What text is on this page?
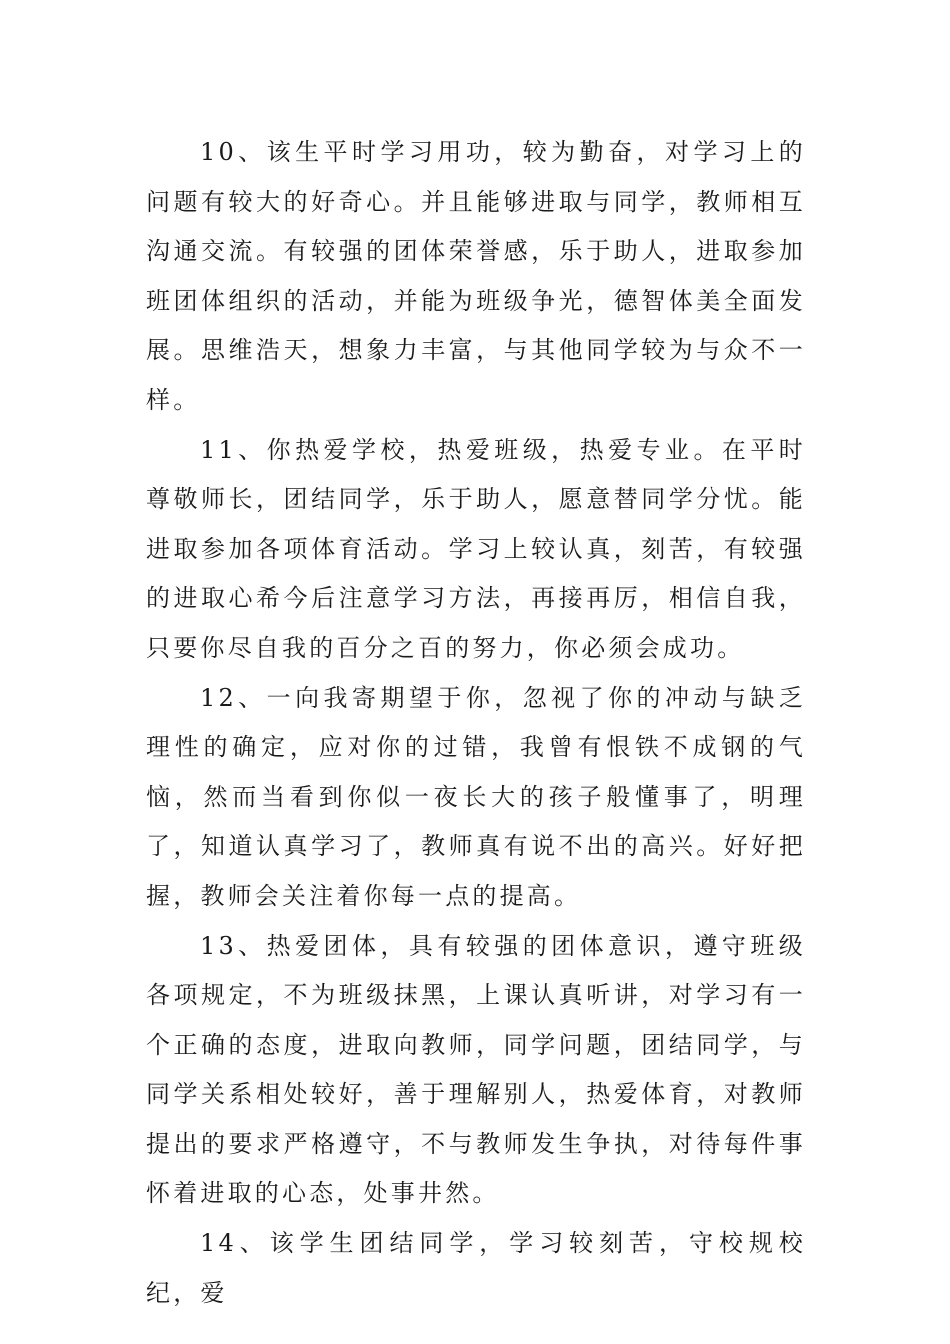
10、该生平时学习用功，较为勤奋，对学习上的问题有较大的好奇心。并且能够进取与同学，教师相互沟通交流。有较强的团体荣誉感，乐于助人，进取参加班团体组织的活动，并能为班级争光，德智体美全面发展。思维浩天，想象力丰富，与其他同学较为与众不一样。

11、你热爱学校，热爱班级，热爱专业。在平时尊敬师长，团结同学，乐于助人，愿意替同学分忧。能进取参加各项体育活动。学习上较认真，刻苦，有较强的进取心希今后注意学习方法，再接再厉，相信自我，只要你尽自我的百分之百的努力，你必须会成功。

12、一向我寄期望于你，忽视了你的冲动与缺乏理性的确定，应对你的过错，我曾有恨铁不成钢的气恼，然而当看到你似一夜长大的孩子般懂事了，明理了，知道认真学习了，教师真有说不出的高兴。好好把握，教师会关注着你每一点的提高。

13、热爱团体，具有较强的团体意识，遵守班级各项规定，不为班级抹黑，上课认真听讲，对学习有一个正确的态度，进取向教师，同学问题，团结同学，与同学关系相处较好，善于理解别人，热爱体育，对教师提出的要求严格遵守，不与教师发生争执，对待每件事怀着进取的心态，处事井然。

14、该学生团结同学，学习较刻苦，守校规校纪，爱
